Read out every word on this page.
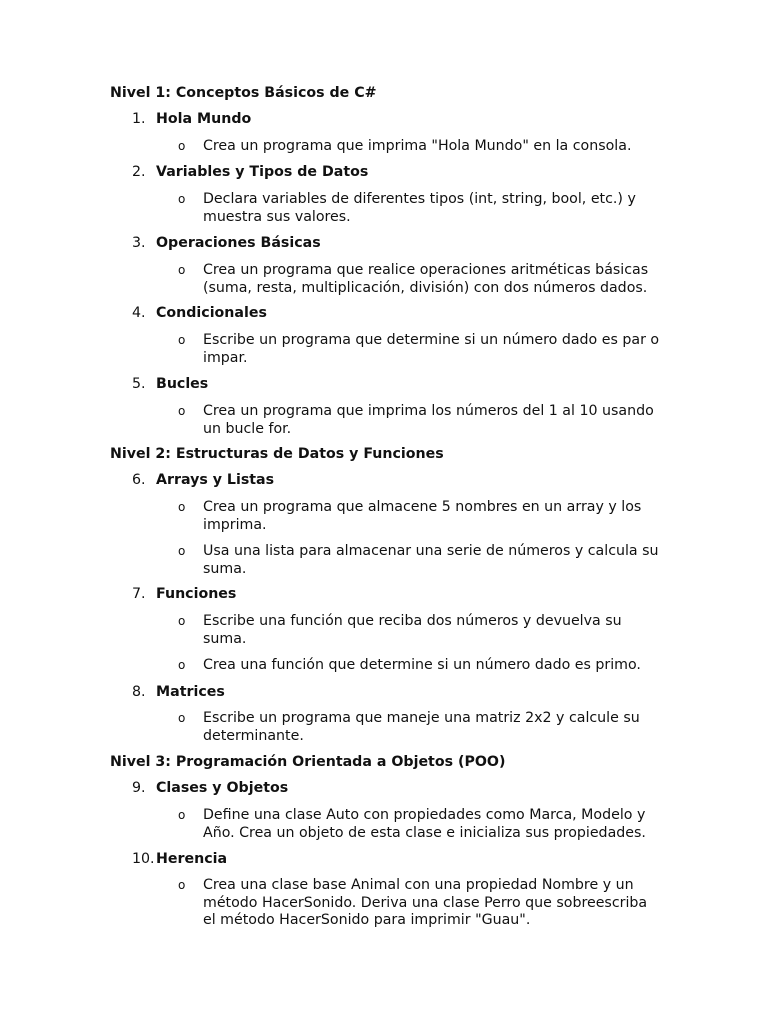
Nivel 1: Conceptos Básicos de C#
1. Hola Mundo
o Crea un programa que imprima "Hola Mundo" en la consola.
2. Variables y Tipos de Datos
o Declara variables de diferentes tipos (int, string, bool, etc.) y muestra sus valores.
3. Operaciones Básicas
o Crea un programa que realice operaciones aritméticas básicas (suma, resta, multiplicación, división) con dos números dados.
4. Condicionales
o Escribe un programa que determine si un número dado es par o impar.
5. Bucles
o Crea un programa que imprima los números del 1 al 10 usando un bucle for.
Nivel 2: Estructuras de Datos y Funciones
6. Arrays y Listas
o Crea un programa que almacene 5 nombres en un array y los imprima.
o Usa una lista para almacenar una serie de números y calcula su suma.
7. Funciones
o Escribe una función que reciba dos números y devuelva su suma.
o Crea una función que determine si un número dado es primo.
8. Matrices
o Escribe un programa que maneje una matriz 2x2 y calcule su determinante.
Nivel 3: Programación Orientada a Objetos (POO)
9. Clases y Objetos
o Define una clase Auto con propiedades como Marca, Modelo y Año. Crea un objeto de esta clase e inicializa sus propiedades.
10. Herencia
o Crea una clase base Animal con una propiedad Nombre y un método HacerSonido. Deriva una clase Perro que sobreescriba el método HacerSonido para imprimir "Guau".
